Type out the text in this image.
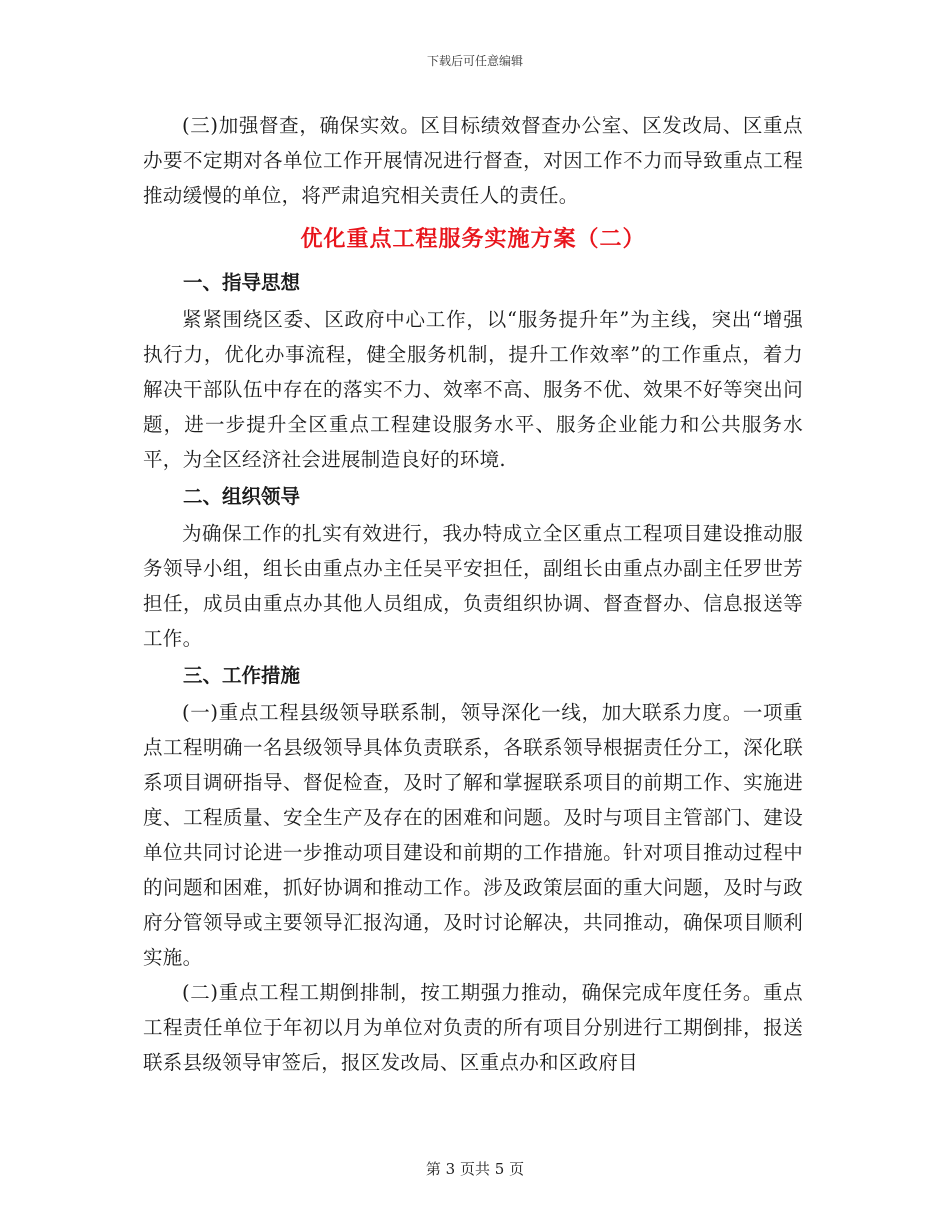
下载后可任意编辑

(三)加强督查，确保实效。区目标绩效督查办公室、区发改局、区重点办要不定期对各单位工作开展情况进行督查，对因工作不力而导致重点工程推动缓慢的单位，将严肃追究相关责任人的责任。

优化重点工程服务实施方案（二）
一、指导思想

紧紧围绕区委、区政府中心工作，以“服务提升年”为主线，突出“增强执行力，优化办事流程，健全服务机制，提升工作效率”的工作重点，着力解决干部队伍中存在的落实不力、效率不高、服务不优、效果不好等突出问题，进一步提升全区重点工程建设服务水平、服务企业能力和公共服务水平，为全区经济社会进展制造良好的环境.

二、组织领导

为确保工作的扎实有效进行，我办特成立全区重点工程项目建设推动服务领导小组，组长由重点办主任吴平安担任，副组长由重点办副主任罗世芳担任，成员由重点办其他人员组成，负责组织协调、督查督办、信息报送等工作。

三、工作措施

(一)重点工程县级领导联系制，领导深化一线，加大联系力度。一项重点工程明确一名县级领导具体负责联系，各联系领导根据责任分工，深化联系项目调研指导、督促检查，及时了解和掌握联系项目的前期工作、实施进度、工程质量、安全生产及存在的困难和问题。及时与项目主管部门、建设单位共同讨论进一步推动项目建设和前期的工作措施。针对项目推动过程中的问题和困难，抓好协调和推动工作。涉及政策层面的重大问题，及时与政府分管领导或主要领导汇报沟通，及时讨论解决，共同推动，确保项目顺利实施。

(二)重点工程工期倒排制，按工期强力推动，确保完成年度任务。重点工程责任单位于年初以月为单位对负责的所有项目分别进行工期倒排，报送联系县级领导审签后，报区发改局、区重点办和区政府目

第 3 页共 5 页
